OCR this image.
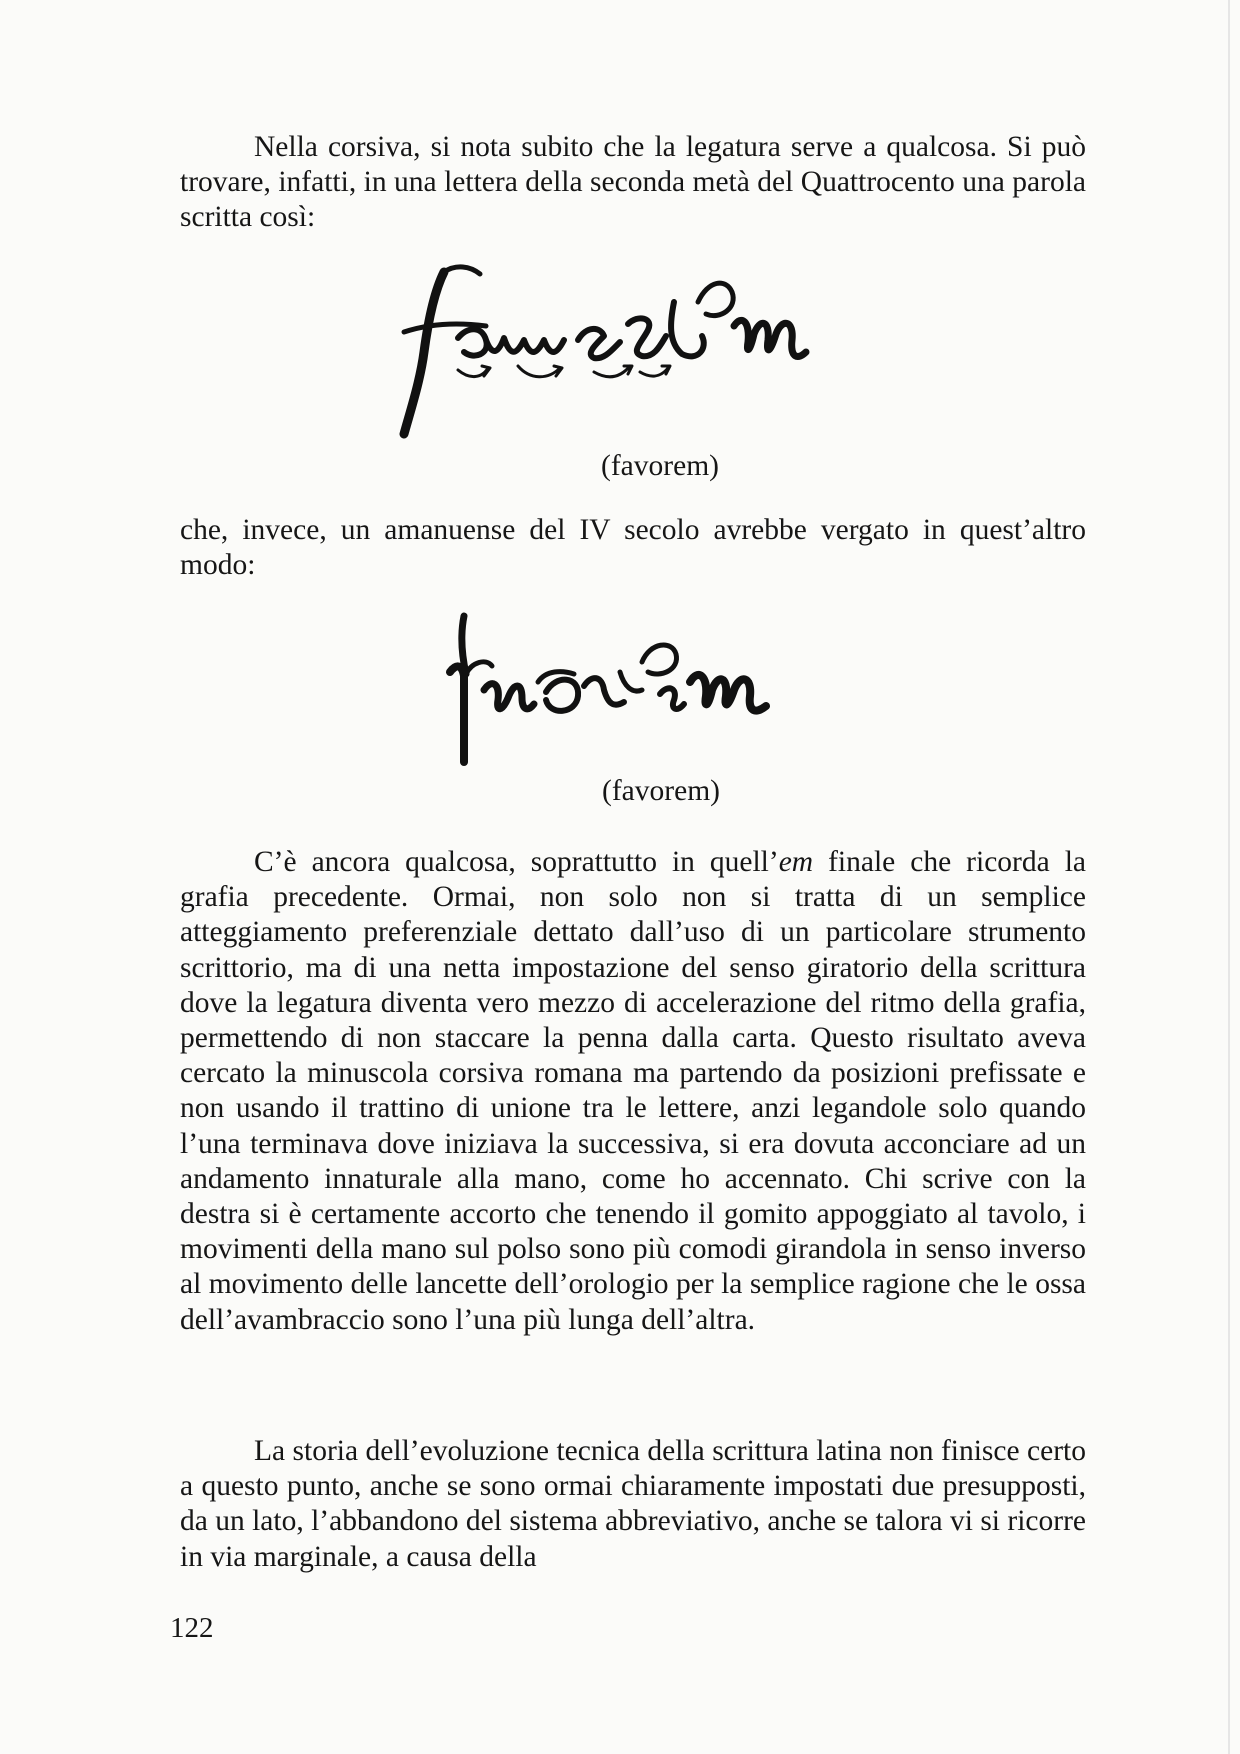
Nella corsiva, si nota subito che la legatura serve a qualcosa. Si può trovare, infatti, in una lettera della seconda metà del Quattrocento una parola scritta così:

(favorem)

che, invece, un amanuense del IV secolo avrebbe vergato in quest’altro modo:

(favorem)

C’è ancora qualcosa, soprattutto in quell’em finale che ricorda la grafia precedente. Ormai, non solo non si tratta di un semplice atteggiamento preferenziale dettato dall’uso di un particolare strumento scrittorio, ma di una netta impostazione del senso giratorio della scrittura dove la legatura diventa vero mezzo di accelerazione del ritmo della grafia, permettendo di non staccare la penna dalla carta. Questo risultato aveva cercato la minuscola corsiva romana ma partendo da posizioni prefissate e non usando il trattino di unione tra le lettere, anzi legandole solo quando l’una terminava dove iniziava la successiva, si era dovuta acconciare ad un andamento innaturale alla mano, come ho accennato. Chi scrive con la destra si è certamente accorto che tenendo il gomito appoggiato al tavolo, i movimenti della mano sul polso sono più comodi girandola in senso inverso al movimento delle lancette dell’orologio per la semplice ragione che le ossa dell’avambraccio sono l’una più lunga dell’altra.

La storia dell’evoluzione tecnica della scrittura latina non finisce certo a questo punto, anche se sono ormai chiaramente impostati due presupposti, da un lato, l’abbandono del sistema abbreviativo, anche se talora vi si ricorre in via marginale, a causa della

122
